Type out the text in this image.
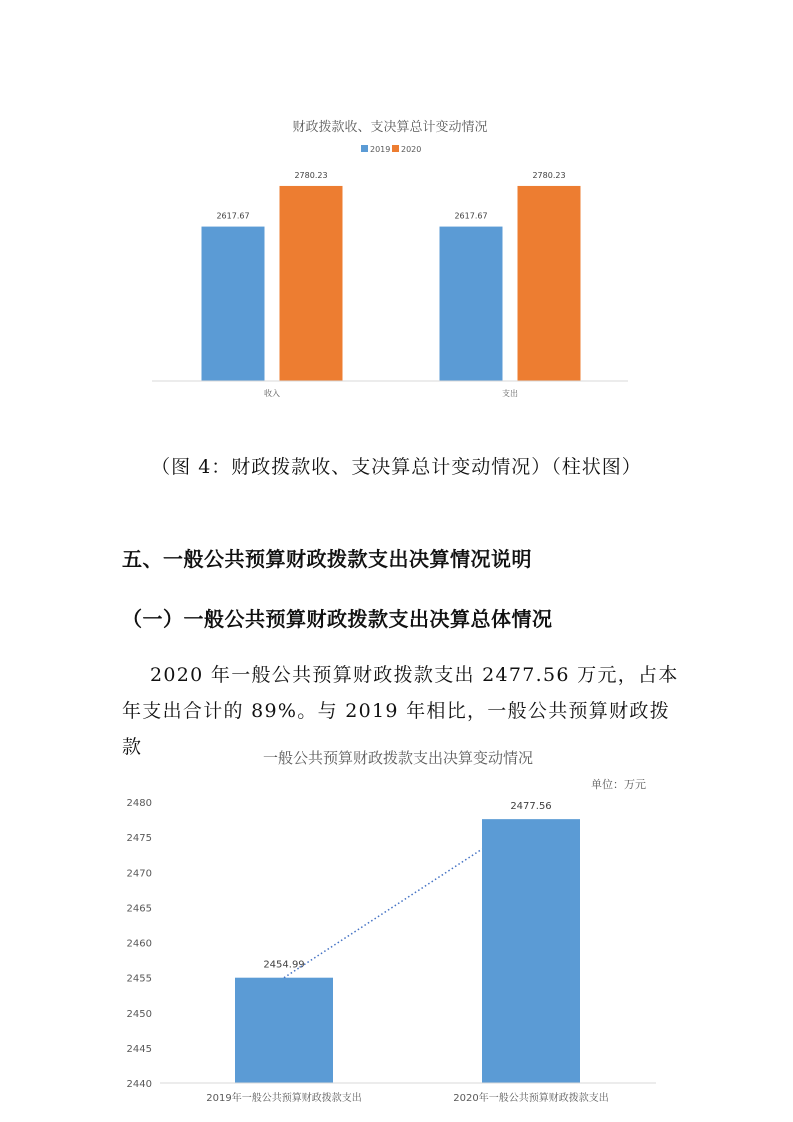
财政拨款收、支决算总计变动情况
2019 2020
2617.67
2780.23
2617.67
2780.23
收入	支出
（图 4：财政拨款收、支决算总计变动情况）（柱状图）
五、一般公共预算财政拨款支出决算情况说明
（一）一般公共预算财政拨款支出决算总体情况

2020 年一般公共预算财政拨款支出 2477.56 万元，占本

年支出合计的 89%。与 2019 年相比，一般公共预算财政拨款	一般公共预算财政拨款支出决算变动情况
单位：万元
2440
2445
2450
2455
2460
2465
2470
2475
2480
2454.99
2477.56
2019年一般公共预算财政拨款支出	2020年一般公共预算财政拨款支出
